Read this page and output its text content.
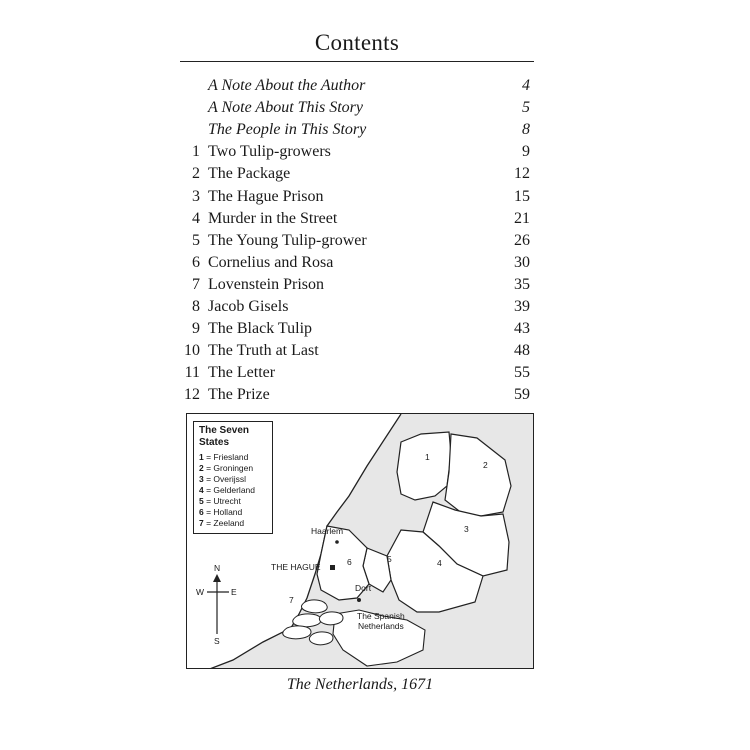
Contents
A Note About the Author	4
A Note About This Story	5
The People in This Story	8
1 Two Tulip-growers	9
2 The Package	12
3 The Hague Prison	15
4 Murder in the Street	21
5 The Young Tulip-grower	26
6 Cornelius and Rosa	30
7 Lovenstein Prison	35
8 Jacob Gisels	39
9 The Black Tulip	43
10 The Truth at Last	48
11 The Letter	55
12 The Prize	59
The Seven
States
1 = Friesland
2 = Groningen
3 = Overijssl
4 = Gelderland
5 = Utrecht
6 = Holland
7 = Zeeland
Haarlem
THE HAGUE
Dort
The Spanish
Netherlands
1
2
3
4
5
6
7
N
S
W	E
The Netherlands, 1671
